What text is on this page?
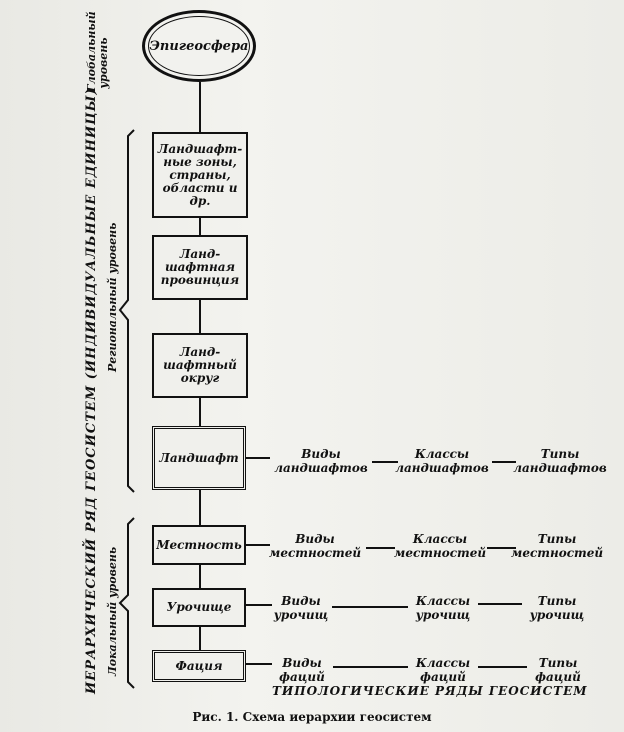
Эпигеосфера
Ландшафт-ные зоны, страны, области и др.
Ланд-шафтная провинция
Ланд-шафтный округ
Ландшафт
Местность
Урочище
Фация
Глобальный уровень
ИЕРАРХИЧЕСКИЙ РЯД ГЕОСИСТЕМ (ИНДИВИДУАЛЬНЫЕ ЕДИНИЦЫ) Региональный уровень
Локальный уровень
Виды ландшафтов
Классы ландшафтов
Типы ландшафтов
Виды местностей
Классы местностей
Типы местностей
Виды урочищ
Классы урочищ
Типы урочищ
Виды фаций
Классы фаций
Типы фаций
ТИПОЛОГИЧЕСКИЕ РЯДЫ ГЕОСИСТЕМ
Рис. 1. Схема иерархии геосистем
